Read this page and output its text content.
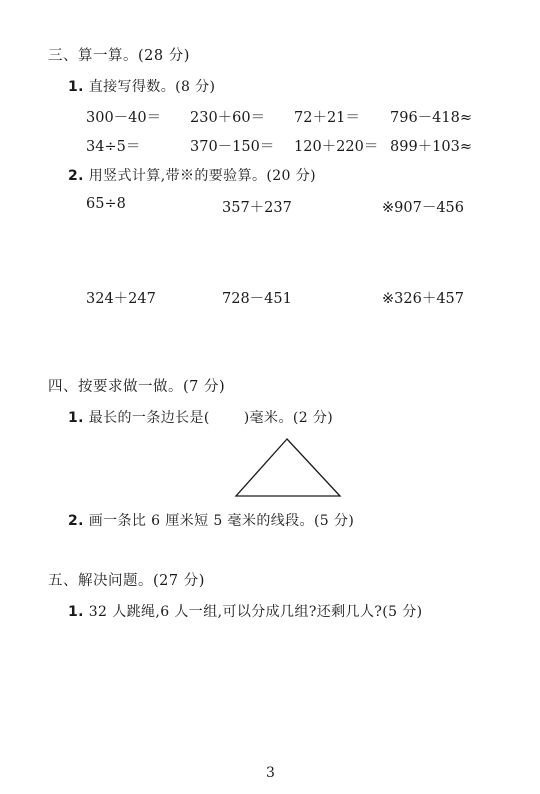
三、算一算。(28 分)
1. 直接写得数。(8 分)
300－40＝ 230＋60＝ 72＋21＝ 796－418≈
34÷5＝	370－150＝ 120＋220＝ 899＋103≈
2. 用竖式计算,带※的要验算。(20 分)
65÷8	357＋237	※907－456
324＋247	728－451	※326＋457
四、按要求做一做。(7 分)
1. 最长的一条边长是( )毫米。(2 分)
2. 画一条比 6 厘米短 5 毫米的线段。(5 分)
五、解决问题。(27 分)
1. 32 人跳绳,6 人一组,可以分成几组?还剩几人?(5 分)
3
